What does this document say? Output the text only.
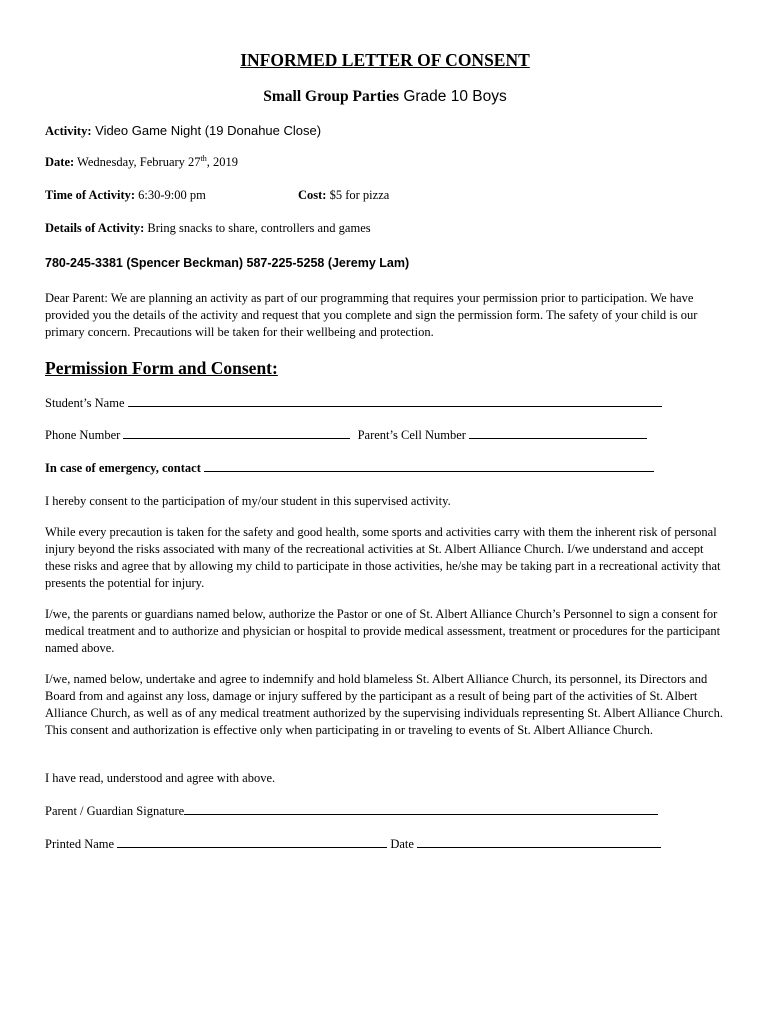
INFORMED LETTER OF CONSENT
Small Group Parties Grade 10 Boys
Activity: Video Game Night (19 Donahue Close)
Date: Wednesday, February 27th, 2019
Time of Activity: 6:30-9:00 pm	Cost: $5 for pizza
Details of Activity: Bring snacks to share, controllers and games
780-245-3381 (Spencer Beckman) 587-225-5258 (Jeremy Lam)
Dear Parent: We are planning an activity as part of our programming that requires your permission prior to participation. We have provided you the details of the activity and request that you complete and sign the permission form. The safety of your child is our primary concern. Precautions will be taken for their wellbeing and protection.
Permission Form and Consent:
Student’s Name
Phone Number	Parent’s Cell Number
In case of emergency, contact
I hereby consent to the participation of my/our student in this supervised activity.
While every precaution is taken for the safety and good health, some sports and activities carry with them the inherent risk of personal injury beyond the risks associated with many of the recreational activities at St. Albert Alliance Church. I/we understand and accept these risks and agree that by allowing my child to participate in those activities, he/she may be taking part in a recreational activity that presents the potential for injury.
I/we, the parents or guardians named below, authorize the Pastor or one of St. Albert Alliance Church’s Personnel to sign a consent for medical treatment and to authorize and physician or hospital to provide medical assessment, treatment or procedures for the participant named above.
I/we, named below, undertake and agree to indemnify and hold blameless St. Albert Alliance Church, its personnel, its Directors and Board from and against any loss, damage or injury suffered by the participant as a result of being part of the activities of St. Albert Alliance Church, as well as of any medical treatment authorized by the supervising individuals representing St. Albert Alliance Church. This consent and authorization is effective only when participating in or traveling to events of St. Albert Alliance Church.
I have read, understood and agree with above.
Parent / Guardian Signature
Printed Name	Date
